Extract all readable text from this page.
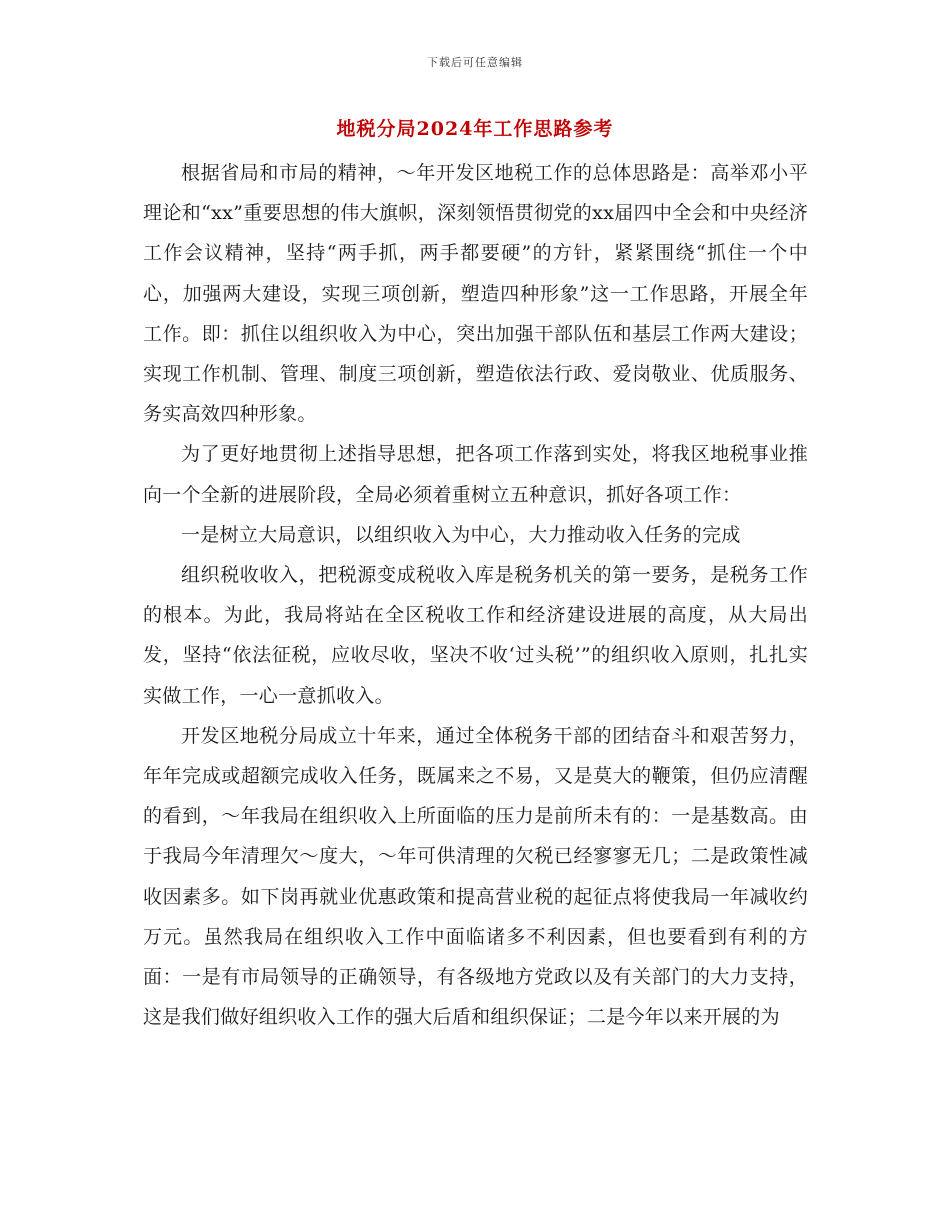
下载后可任意编辑
地税分局2024年工作思路参考

根据省局和市局的精神，～年开发区地税工作的总体思路是：高举邓小平理论和“xx”重要思想的伟大旗帜，深刻领悟贯彻党的xx届四中全会和中央经济工作会议精神，坚持“两手抓，两手都要硬”的方针，紧紧围绕“抓住一个中心，加强两大建设，实现三项创新，塑造四种形象”这一工作思路，开展全年工作。即：抓住以组织收入为中心，突出加强干部队伍和基层工作两大建设；实现工作机制、管理、制度三项创新，塑造依法行政、爱岗敬业、优质服务、务实高效四种形象。

为了更好地贯彻上述指导思想，把各项工作落到实处，将我区地税事业推向一个全新的进展阶段，全局必须着重树立五种意识，抓好各项工作：

一是树立大局意识，以组织收入为中心，大力推动收入任务的完成

组织税收收入，把税源变成税收入库是税务机关的第一要务，是税务工作的根本。为此，我局将站在全区税收工作和经济建设进展的高度，从大局出发，坚持“依法征税，应收尽收，坚决不收‘过头税’”的组织收入原则，扎扎实实做工作，一心一意抓收入。

开发区地税分局成立十年来，通过全体税务干部的团结奋斗和艰苦努力，年年完成或超额完成收入任务，既属来之不易，又是莫大的鞭策，但仍应清醒的看到，～年我局在组织收入上所面临的压力是前所未有的：一是基数高。由于我局今年清理欠～度大，～年可供清理的欠税已经寥寥无几；二是政策性减收因素多。如下岗再就业优惠政策和提高营业税的起征点将使我局一年减收约万元。虽然我局在组织收入工作中面临诸多不利因素，但也要看到有利的方面：一是有市局领导的正确领导，有各级地方党政以及有关部门的大力支持，这是我们做好组织收入工作的强大后盾和组织保证；二是今年以来开展的为
